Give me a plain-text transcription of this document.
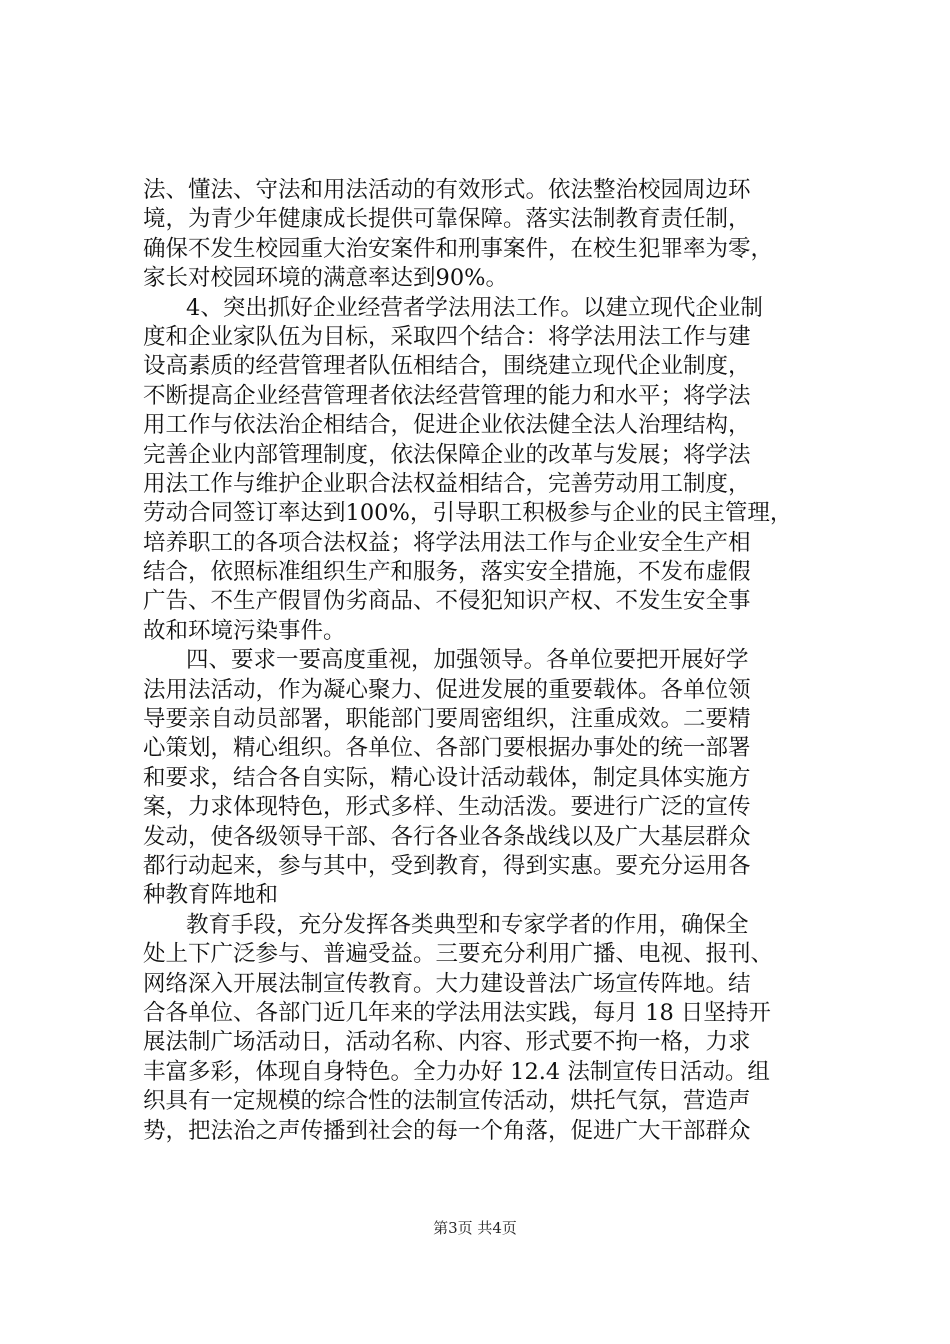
法、懂法、守法和用法活动的有效形式。依法整治校园周边环
境，为青少年健康成长提供可靠保障。落实法制教育责任制，
确保不发生校园重大治安案件和刑事案件，在校生犯罪率为零，
家长对校园环境的满意率达到90%。
4、突出抓好企业经营者学法用法工作。以建立现代企业制
度和企业家队伍为目标，采取四个结合：将学法用法工作与建
设高素质的经营管理者队伍相结合，围绕建立现代企业制度，
不断提高企业经营管理者依法经营管理的能力和水平；将学法
用工作与依法治企相结合，促进企业依法健全法人治理结构，
完善企业内部管理制度，依法保障企业的改革与发展；将学法
用法工作与维护企业职合法权益相结合，完善劳动用工制度，
劳动合同签订率达到100%，引导职工积极参与企业的民主管理，
培养职工的各项合法权益；将学法用法工作与企业安全生产相
结合，依照标准组织生产和服务，落实安全措施，不发布虚假
广告、不生产假冒伪劣商品、不侵犯知识产权、不发生安全事
故和环境污染事件。
四、要求一要高度重视，加强领导。各单位要把开展好学
法用法活动，作为凝心聚力、促进发展的重要载体。各单位领
导要亲自动员部署，职能部门要周密组织，注重成效。二要精
心策划，精心组织。各单位、各部门要根据办事处的统一部署
和要求，结合各自实际，精心设计活动载体，制定具体实施方
案，力求体现特色，形式多样、生动活泼。要进行广泛的宣传
发动，使各级领导干部、各行各业各条战线以及广大基层群众
都行动起来，参与其中，受到教育，得到实惠。要充分运用各
种教育阵地和
教育手段，充分发挥各类典型和专家学者的作用，确保全
处上下广泛参与、普遍受益。三要充分利用广播、电视、报刊、
网络深入开展法制宣传教育。大力建设普法广场宣传阵地。结
合各单位、各部门近几年来的学法用法实践，每月 18 日坚持开
展法制广场活动日，活动名称、内容、形式要不拘一格，力求
丰富多彩，体现自身特色。全力办好 12.4 法制宣传日活动。组
织具有一定规模的综合性的法制宣传活动，烘托气氛，营造声
势，把法治之声传播到社会的每一个角落，促进广大干部群众
第3页 共4页
